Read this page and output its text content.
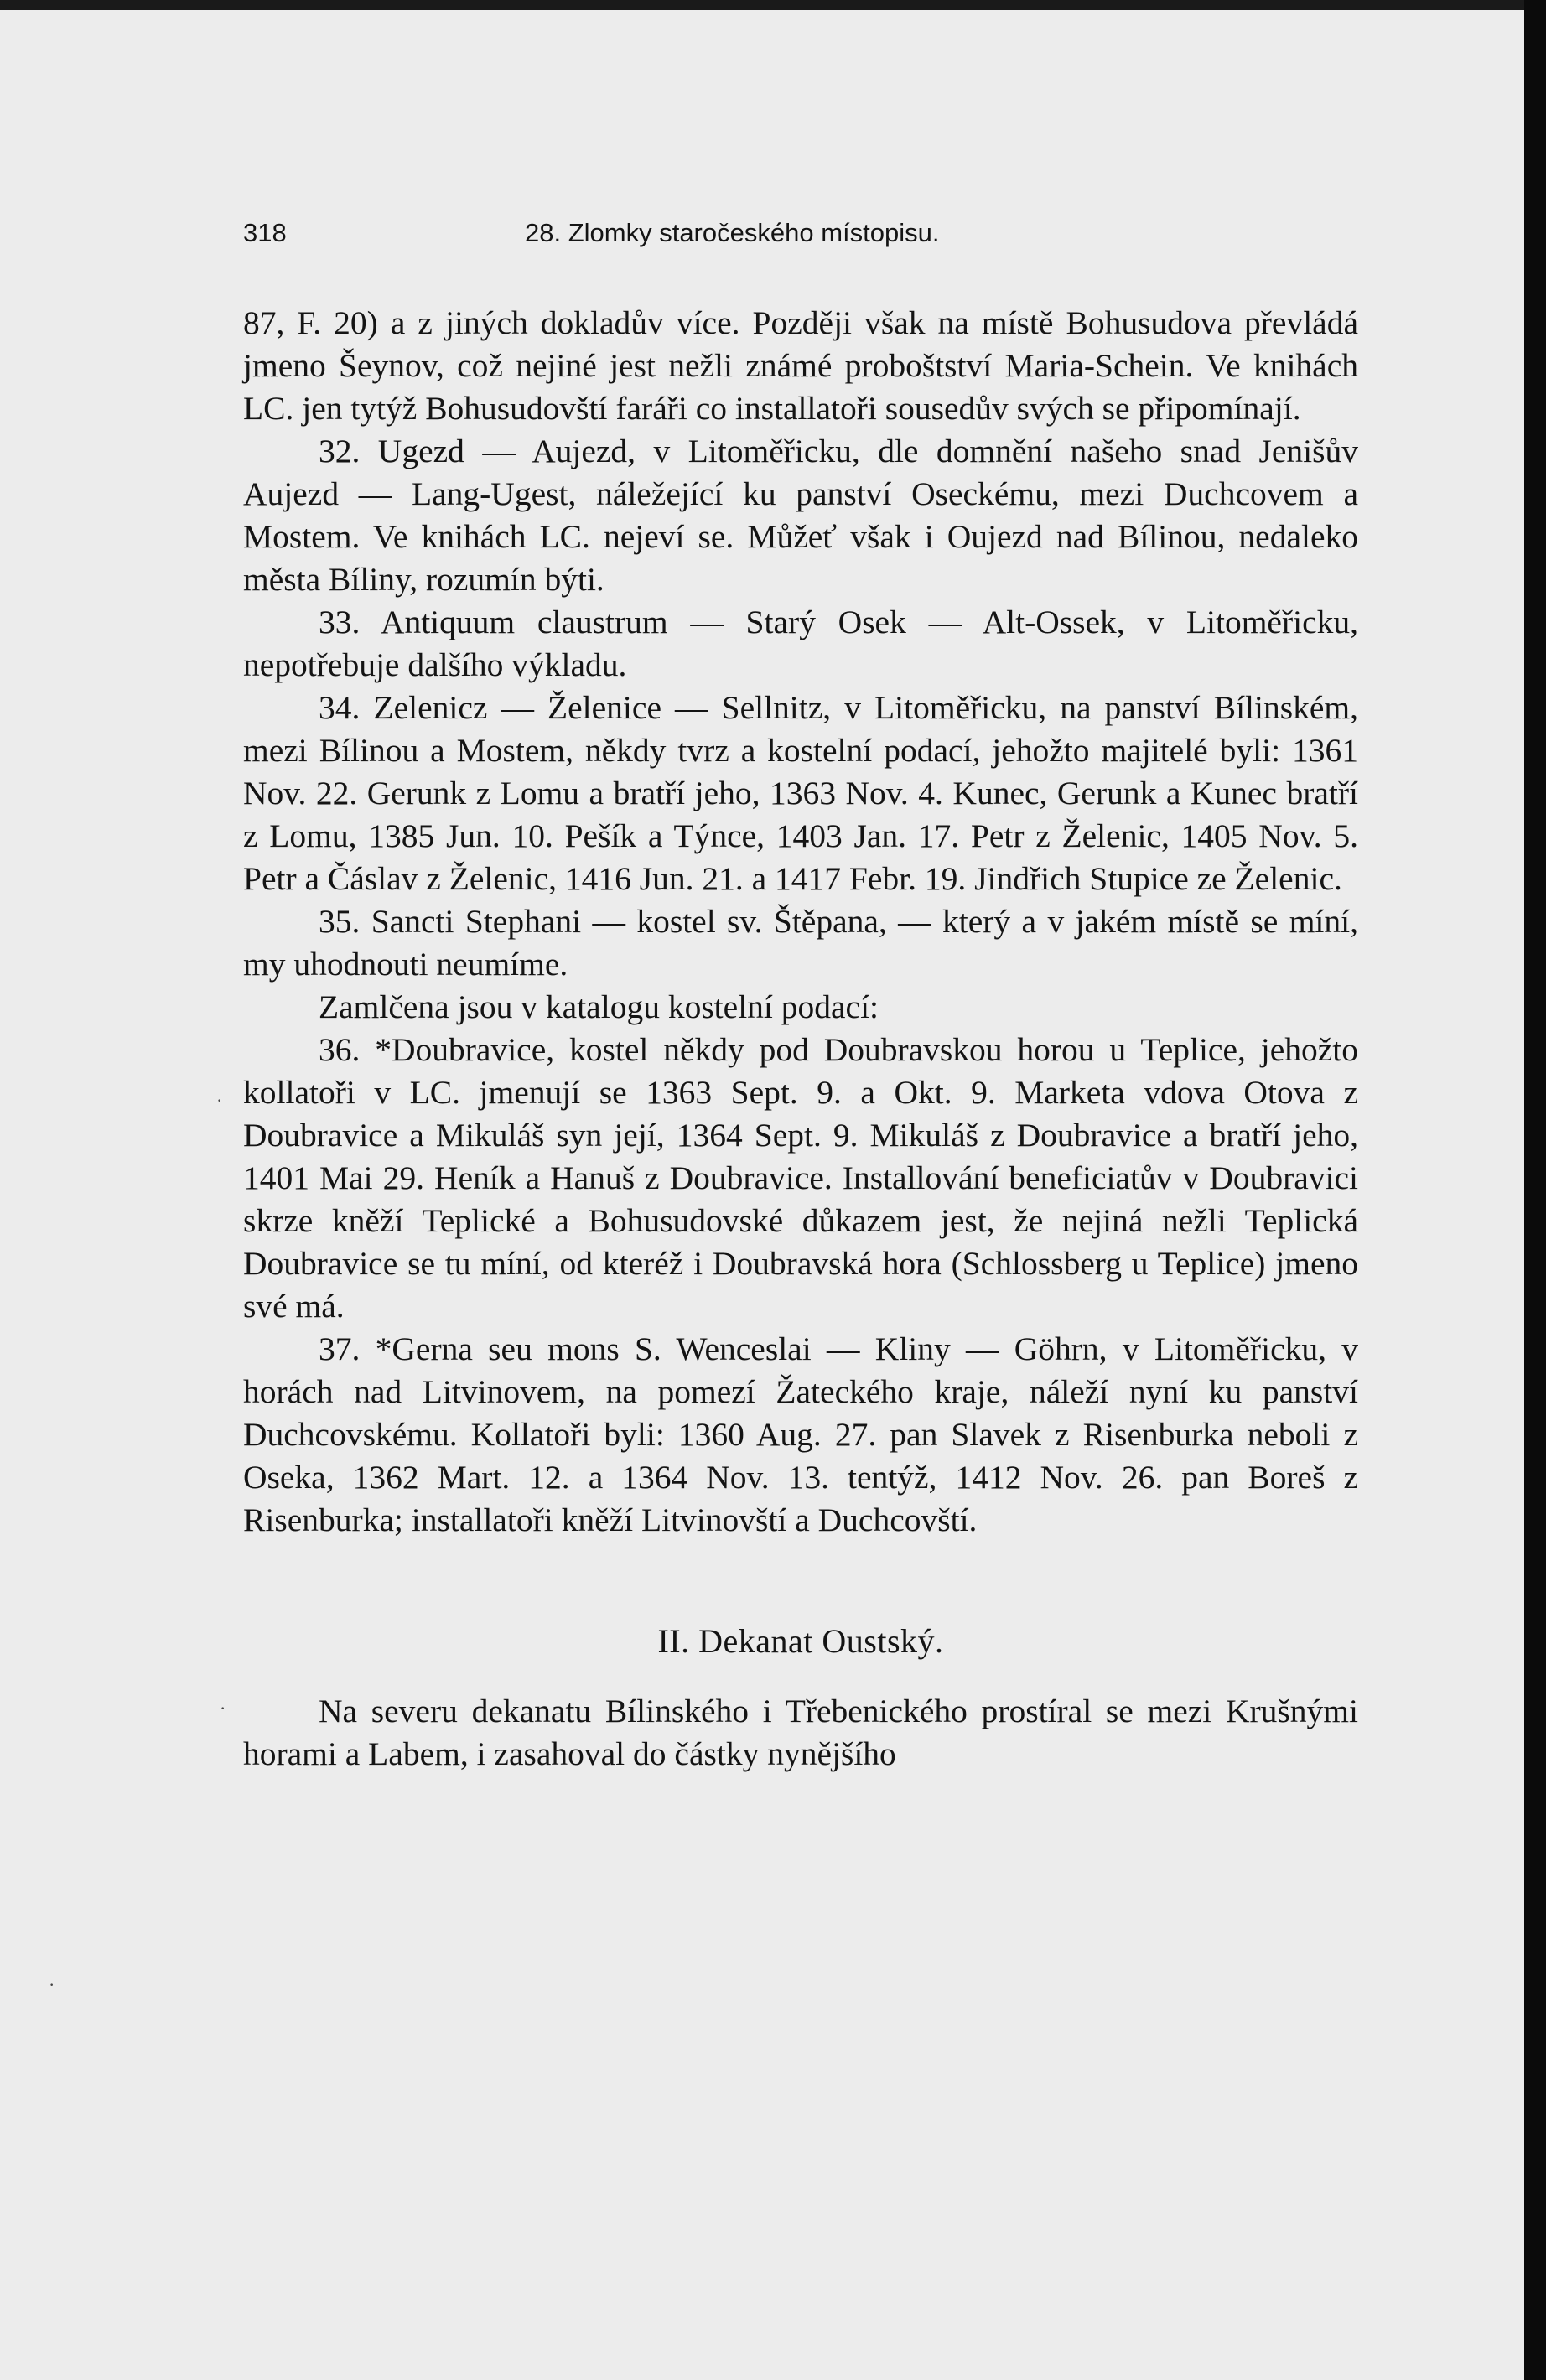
·
·
·
318	28. Zlomky staročeského místopisu.

87, F. 20) a z jiných dokladův více. Později však na místě Bohusudova převládá jmeno Šeynov, což nejiné jest nežli známé proboštství Maria-Schein. Ve knihách LC. jen tytýž Bohusudovští faráři co installatoři sousedův svých se připomínají.

32. Ugezd — Aujezd, v Litoměřicku, dle domnění našeho snad Jenišův Aujezd — Lang-Ugest, náležející ku panství Oseckému, mezi Duchcovem a Mostem. Ve knihách LC. nejeví se. Můžeť však i Oujezd nad Bílinou, nedaleko města Bíliny, rozumín býti.

33. Antiquum claustrum — Starý Osek — Alt-Ossek, v Litoměřicku, nepotřebuje dalšího výkladu.

34. Zelenicz — Želenice — Sellnitz, v Litoměřicku, na panství Bílinském, mezi Bílinou a Mostem, někdy tvrz a kostelní podací, jehožto majitelé byli: 1361 Nov. 22. Gerunk z Lomu a bratří jeho, 1363 Nov. 4. Kunec, Gerunk a Kunec bratří z Lomu, 1385 Jun. 10. Pešík a Týnce, 1403 Jan. 17. Petr z Želenic, 1405 Nov. 5. Petr a Čáslav z Želenic, 1416 Jun. 21. a 1417 Febr. 19. Jindřich Stupice ze Želenic.

35. Sancti Stephani — kostel sv. Štěpana, — který a v jakém místě se míní, my uhodnouti neumíme.

Zamlčena jsou v katalogu kostelní podací:

36. *Doubravice, kostel někdy pod Doubravskou horou u Teplice, jehožto kollatoři v LC. jmenují se 1363 Sept. 9. a Okt. 9. Marketa vdova Otova z Doubravice a Mikuláš syn její, 1364 Sept. 9. Mikuláš z Doubravice a bratří jeho, 1401 Mai 29. Heník a Hanuš z Doubravice. Installování beneficiatův v Doubravici skrze kněží Teplické a Bohusudovské důkazem jest, že nejiná nežli Teplická Doubravice se tu míní, od kteréž i Doubravská hora (Schlossberg u Teplice) jmeno své má.

37. *Gerna seu mons S. Wenceslai — Kliny — Göhrn, v Litoměřicku, v horách nad Litvinovem, na pomezí Žateckého kraje, náleží nyní ku panství Duchcovskému. Kollatoři byli: 1360 Aug. 27. pan Slavek z Risenburka neboli z Oseka, 1362 Mart. 12. a 1364 Nov. 13. tentýž, 1412 Nov. 26. pan Boreš z Risenburka; installatoři kněží Litvinovští a Duchcovští.

II. Dekanat Oustský.

Na severu dekanatu Bílinského i Třebenického prostíral se mezi Krušnými horami a Labem, i zasahoval do částky nynějšího
